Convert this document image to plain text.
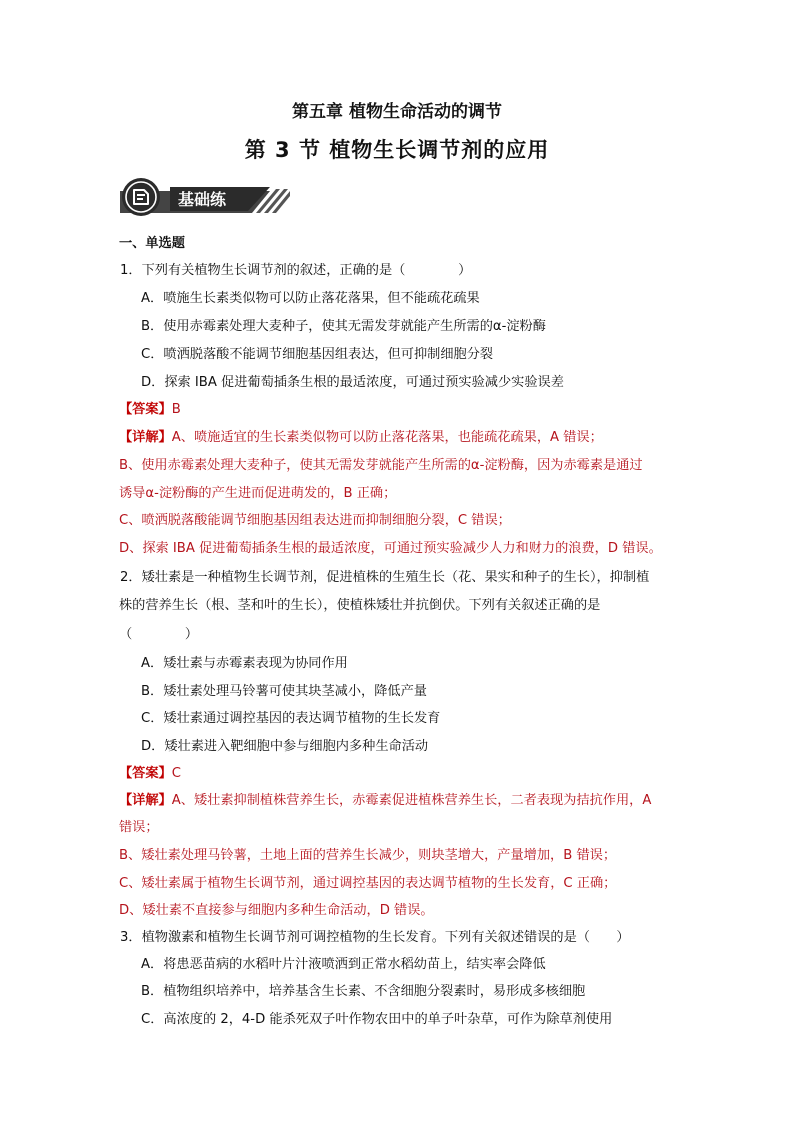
第五章 植物生命活动的调节
第 3 节 植物生长调节剂的应用
基础练
一、单选题
1．下列有关植物生长调节剂的叙述，正确的是（　　　　）
A．喷施生长素类似物可以防止落花落果，但不能疏花疏果
B．使用赤霉素处理大麦种子，使其无需发芽就能产生所需的α-淀粉酶
C．喷洒脱落酸不能调节细胞基因组表达，但可抑制细胞分裂
D．探索 IBA 促进葡萄插条生根的最适浓度，可通过预实验减少实验误差
【答案】B
【详解】A、喷施适宜的生长素类似物可以防止落花落果，也能疏花疏果，A 错误；
B、使用赤霉素处理大麦种子，使其无需发芽就能产生所需的α-淀粉酶，因为赤霉素是通过
诱导α-淀粉酶的产生进而促进萌发的，B 正确；
C、喷洒脱落酸能调节细胞基因组表达进而抑制细胞分裂，C 错误；
D、探索 IBA 促进葡萄插条生根的最适浓度，可通过预实验减少人力和财力的浪费，D 错误。
2．矮壮素是一种植物生长调节剂，促进植株的生殖生长（花、果实和种子的生长），抑制植
株的营养生长（根、茎和叶的生长），使植株矮壮并抗倒伏。下列有关叙述正确的是
（　　　　）
A．矮壮素与赤霉素表现为协同作用
B．矮壮素处理马铃薯可使其块茎减小，降低产量
C．矮壮素通过调控基因的表达调节植物的生长发育
D．矮壮素进入靶细胞中参与细胞内多种生命活动
【答案】C
【详解】A、矮壮素抑制植株营养生长，赤霉素促进植株营养生长，二者表现为拮抗作用，A
错误；
B、矮壮素处理马铃薯，土地上面的营养生长减少，则块茎增大，产量增加，B 错误；
C、矮壮素属于植物生长调节剂，通过调控基因的表达调节植物的生长发育，C 正确；
D、矮壮素不直接参与细胞内多种生命活动，D 错误。
3．植物激素和植物生长调节剂可调控植物的生长发育。下列有关叙述错误的是（　　）
A．将患恶苗病的水稻叶片汁液喷洒到正常水稻幼苗上，结实率会降低
B．植物组织培养中，培养基含生长素、不含细胞分裂素时，易形成多核细胞
C．高浓度的 2，4-D 能杀死双子叶作物农田中的单子叶杂草，可作为除草剂使用
